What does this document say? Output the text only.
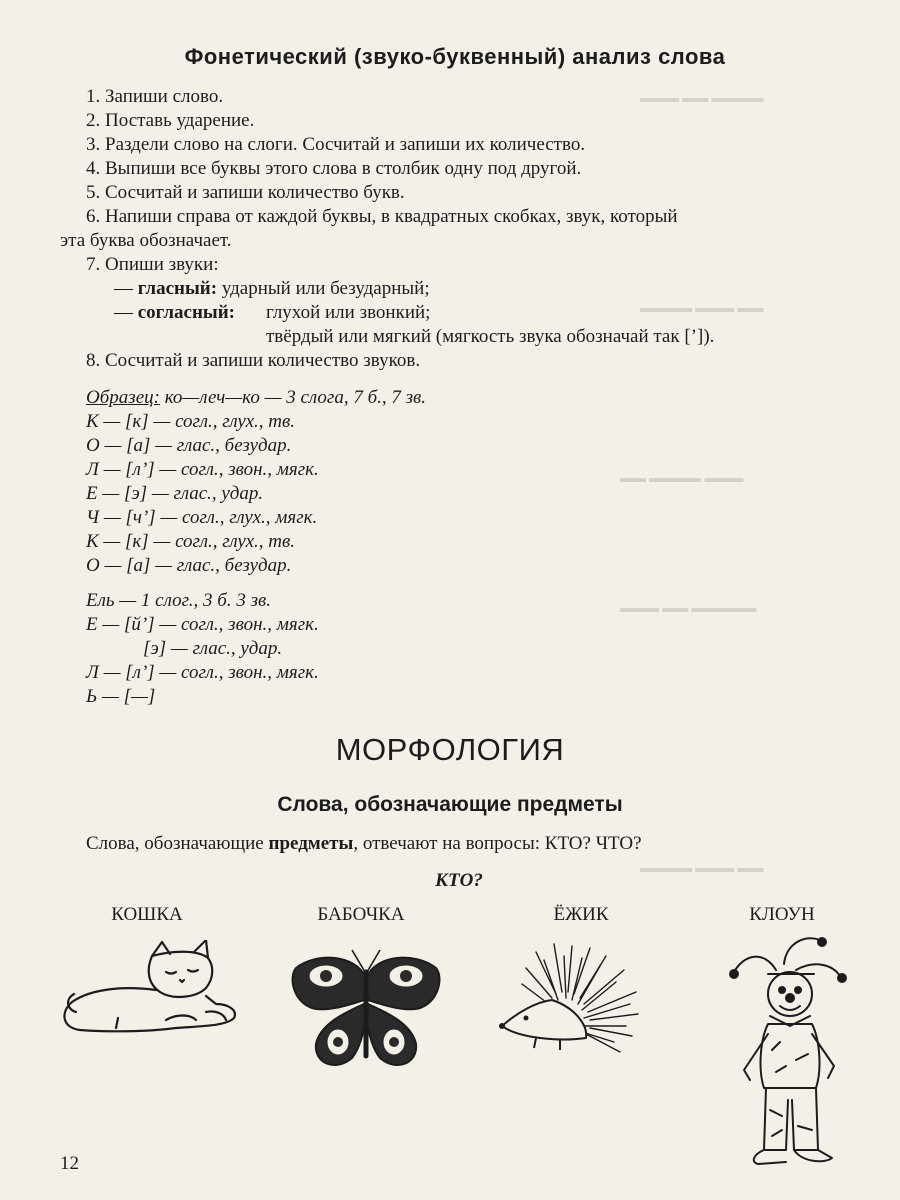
▬▬▬ ▬▬ ▬▬▬▬
▬▬▬▬ ▬▬▬ ▬▬
▬▬ ▬▬▬▬ ▬▬▬
▬▬▬ ▬▬ ▬▬▬▬▬
▬▬▬▬ ▬▬▬ ▬▬
Фонетический (звуко-буквенный) анализ слова
1. Запиши слово.
2. Поставь ударение.
3. Раздели слово на слоги. Сосчитай и запиши их количество.
4. Выпиши все буквы этого слова в столбик одну под другой.
5. Сосчитай и запиши количество букв.
6. Напиши справа от каждой буквы, в квадратных скобках, звук, который
эта буква обозначает.
7. Опиши звуки:
— гласный: ударный или безударный;
— согласный: глухой или звонкий;
твёрдый или мягкий (мягкость звука обозначай так [’]).
8. Сосчитай и запиши количество звуков.
Образец: ко—леч—ко — 3 слога, 7 б., 7 зв.
К — [к] — согл., глух., тв.
О — [а] — глас., безудар.
Л — [л’] — согл., звон., мягк.
Е — [э] — глас., удар.
Ч — [ч’] — согл., глух., мягк.
К — [к] — согл., глух., тв.
О — [а] — глас., безудар.
Ель — 1 слог., 3 б. 3 зв.
Е — [й’] — согл., звон., мягк.
[э] — глас., удар.
Л — [л’] — согл., звон., мягк.
Ь — [—]
МОРФОЛОГИЯ
Слова, обозначающие предметы
Слова, обозначающие предметы, отвечают на вопросы: КТО? ЧТО?
КТО?
КОШКА	БАБОЧКА	ЁЖИК	КЛОУН
12
